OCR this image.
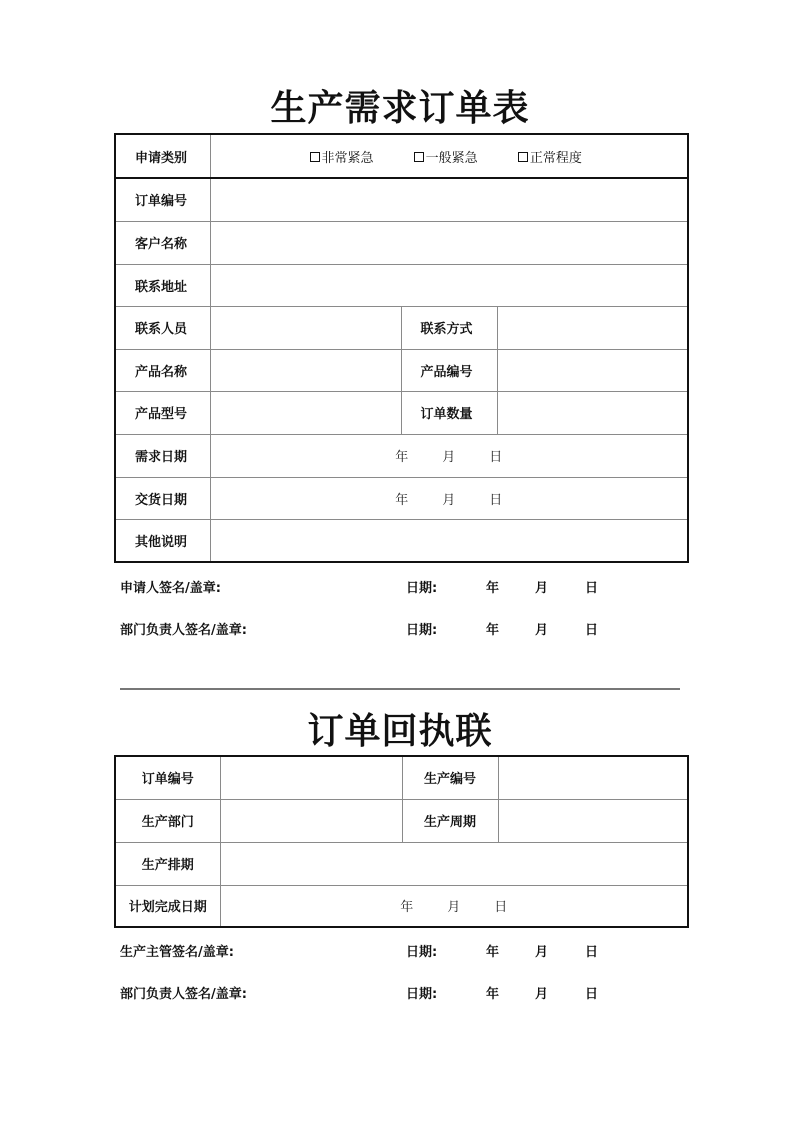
生产需求订单表
申请类别	非常紧急 一般紧急 正常程度		
订单编号			
客户名称			
联系地址			
联系人员		联系方式	
产品名称		产品编号	
产品型号		订单数量	
需求日期	年 月 日		
交货日期	年 月 日		
其他说明			
申请人签名/盖章:	日期:	年	月	日
部门负责人签名/盖章:	日期:	年	月	日
订单回执联
订单编号		生产编号	
生产部门		生产周期	
生产排期			
计划完成日期	年 月 日		
生产主管签名/盖章:	日期:	年	月	日
部门负责人签名/盖章:	日期:	年	月	日
